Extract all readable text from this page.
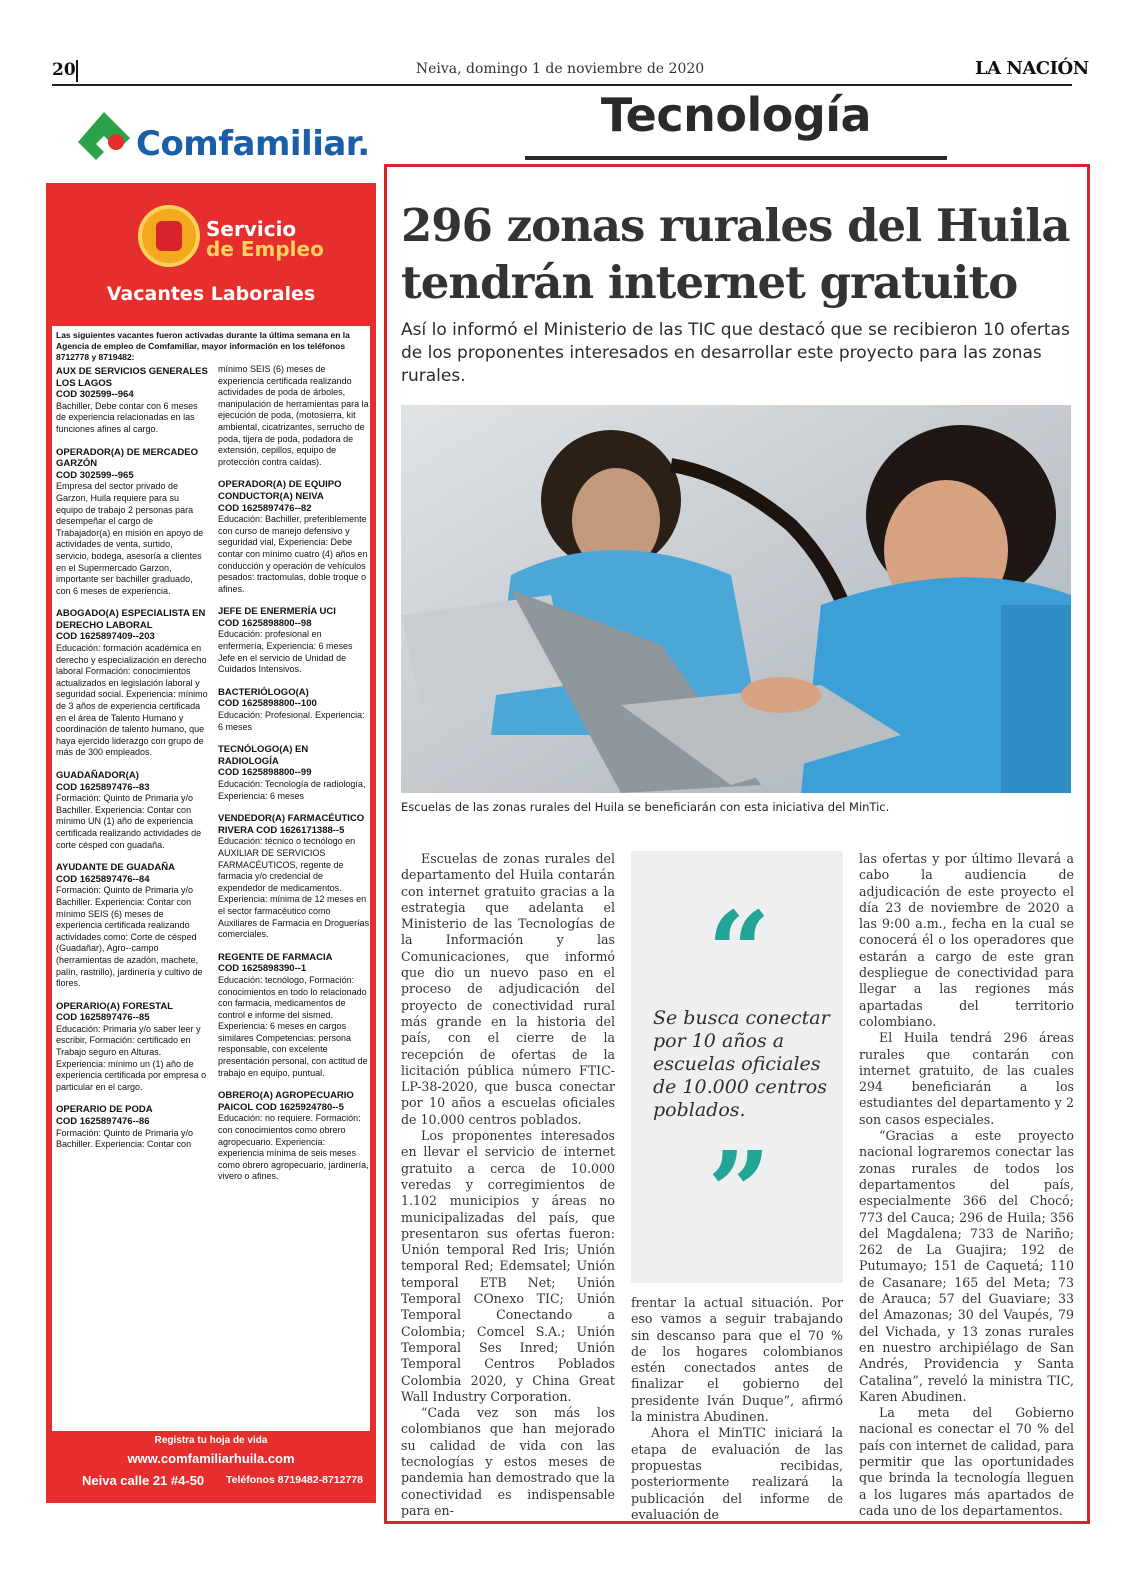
20	Neiva, domingo 1 de noviembre de 2020	LA NACIÓN
Tecnología
Comfamiliar.
Servicio
de Empleo
Vacantes Laborales
Las siguientes vacantes fueron activadas durante la última semana en la Agencia de empleo de Comfamiliar, mayor información en los teléfonos 8712778 y 8719482:
AUX DE SERVICIOS GENERALES LOS LAGOS
COD 302599--964
Bachiller, Debe contar con 6 meses de experiencia relacionadas en las funciones afines al cargo.
OPERADOR(A) DE MERCADEO GARZÓN
COD 302599--965
Empresa del sector privado de Garzon, Huila requiere para su equipo de trabajo 2 personas para desempeñar el cargo de Trabajador(a) en misión en apoyo de actividades de venta, surtido, servicio, bodega, asesoría a clientes en el Supermercado Garzon, importante ser bachiller graduado, con 6 meses de experiencia.
ABOGADO(A) ESPECIALISTA EN DERECHO LABORAL
COD 1625897409--203
Educación: formación académica en derecho y especialización en derecho laboral Formación: conocimientos actualizados en legislación laboral y seguridad social. Experiencia: mínimo de 3 años de experiencia certificada en el área de Talento Humano y coordinación de talento humano, que haya ejercido liderazgo con grupo de más de 300 empleados.
GUADAÑADOR(A)
COD 1625897476--83
Formación: Quinto de Primaria y/o Bachiller. Experiencia: Contar con mínimo UN (1) año de experiencia certificada realizando actividades de corte césped con guadaña.
AYUDANTE DE GUADAÑA
COD 1625897476--84
Formación: Quinto de Primaria y/o Bachiller. Experiencia: Contar con mínimo SEIS (6) meses de experiencia certificada realizando actividades como: Corte de césped (Guadañar), Agro--campo (herramientas de azadón, machete, palín, rastrillo), jardinería y cultivo de flores.
OPERARIO(A) FORESTAL
COD 1625897476--85
Educación: Primaria y/o saber leer y escribir, Formación: certificado en Trabajo seguro en Alturas. Experiencia: mínimo un (1) año de experiencia certificada por empresa o particular en el cargo.
OPERARIO DE PODA
COD 1625897476--86
Formación: Quinto de Primaria y/o Bachiller. Experiencia: Contar con
mínimo SEIS (6) meses de experiencia certificada realizando actividades de poda de árboles, manipulación de herramientas para la ejecución de poda, (motosierra, kit ambiental, cicatrizantes, serrucho de poda, tijera de poda, podadora de extensión, cepillos, equipo de protección contra caídas).
OPERADOR(A) DE EQUIPO CONDUCTOR(A) NEIVA
COD 1625897476--82
Educación: Bachiller, preferiblemente con curso de manejo defensivo y seguridad vial, Experiencia: Debe contar con mínimo cuatro (4) años en conducción y operación de vehículos pesados: tractomulas, doble troque o afines.
JEFE DE ENERMERÍA UCI
COD 1625898800--98
Educación: profesional en enfermería, Experiencia: 6 meses Jefe en el servicio de Unidad de Cuidados Intensivos.
BACTERIÓLOGO(A)
COD 1625898800--100
Educación: Profesional. Experiencia: 6 meses
TECNÓLOGO(A) EN RADIOLOGÍA
COD 1625898800--99
Educación: Tecnología de radiología, Experiencia: 6 meses
VENDEDOR(A) FARMACÉUTICO RIVERA COD 1626171388--5
Educación: técnico o tecnólogo en AUXILIAR DE SERVICIOS FARMACÉUTICOS, regente de farmacia y/o credencial de expendedor de medicamentos. Experiencia: mínima de 12 meses en el sector farmacéutico como Auxiliares de Farmacia en Droguerías comerciales.
REGENTE DE FARMACIA
COD 1625898390--1
Educación: tecnólogo, Formación: conocimientos en todo lo relacionado con farmacia, medicamentos de control e informe del sismed. Experiencia: 6 meses en cargos similares Competencias: persona responsable, con excelente presentación personal, con actitud de trabajo en equipo, puntual.
OBRERO(A) AGROPECUARIO PAICOL COD 1625924780--5
Educación: no requiere. Formación: con conocimientos como obrero agropecuario. Experiencia: experiencia mínima de seis meses como obrero agropecuario, jardinería, vivero o afines.
Registra tu hoja de vida
www.comfamiliarhuila.com
Neiva calle 21 #4-50 Teléfonos 8719482-8712778
296 zonas rurales del Huila tendrán internet gratuito
Así lo informó el Ministerio de las TIC que destacó que se recibieron 10 ofertas de los proponentes interesados en desarrollar este proyecto para las zonas rurales.
Escuelas de las zonas rurales del Huila se beneficiarán con esta iniciativa del MinTic.

Escuelas de zonas rurales del departamento del Huila contarán con internet gratuito gracias a la estrategia que adelanta el Ministerio de las Tecnologías de la Información y las Comunicaciones, que informó que dio un nuevo paso en el proceso de adjudicación del proyecto de conectividad rural más grande en la historia del país, con el cierre de la recepción de ofertas de la licitación pública número FTIC-LP-38-2020, que busca conectar por 10 años a escuelas oficiales de 10.000 centros poblados.

Los proponentes interesados en llevar el servicio de internet gratuito a cerca de 10.000 veredas y corregimientos de 1.102 municipios y áreas no municipalizadas del país, que presentaron sus ofertas fueron: Unión temporal Red Iris; Unión temporal Red; Edemsatel; Unión temporal ETB Net; Unión Temporal COnexo TIC; Unión Temporal Conectando a Colombia; Comcel S.A.; Unión Temporal Ses Inred; Unión Temporal Centros Poblados Colombia 2020, y China Great Wall Industry Corporation.

“Cada vez son más los colombianos que han mejorado su calidad de vida con las tecnologías y estos meses de pandemia han demostrado que la conectividad es indispensable para en-

“
Se busca conectar por 10 años a escuelas oficiales de 10.000 centros poblados.
”

frentar la actual situación. Por eso vamos a seguir trabajando sin descanso para que el 70 % de los hogares colombianos estén conectados antes de finalizar el gobierno del presidente Iván Duque”, afirmó la ministra Abudinen.

Ahora el MinTIC iniciará la etapa de evaluación de las propuestas recibidas, posteriormente realizará la publicación del informe de evaluación de

las ofertas y por último llevará a cabo la audiencia de adjudicación de este proyecto el día 23 de noviembre de 2020 a las 9:00 a.m., fecha en la cual se conocerá él o los operadores que estarán a cargo de este gran despliegue de conectividad para llegar a las regiones más apartadas del territorio colombiano.

El Huila tendrá 296 áreas rurales que contarán con internet gratuito, de las cuales 294 beneficiarán a los estudiantes del departamento y 2 son casos especiales.

“Gracias a este proyecto nacional lograremos conectar las zonas rurales de todos los departamentos del país, especialmente 366 del Chocó; 773 del Cauca; 296 de Huila; 356 del Magdalena; 733 de Nariño; 262 de La Guajira; 192 de Putumayo; 151 de Caquetá; 110 de Casanare; 165 del Meta; 73 de Arauca; 57 del Guaviare; 33 del Amazonas; 30 del Vaupés, 79 del Vichada, y 13 zonas rurales en nuestro archipiélago de San Andrés, Providencia y Santa Catalina”, reveló la ministra TIC, Karen Abudinen.

La meta del Gobierno nacional es conectar el 70 % del país con internet de calidad, para permitir que las oportunidades que brinda la tecnología lleguen a los lugares más apartados de cada uno de los departamentos.
